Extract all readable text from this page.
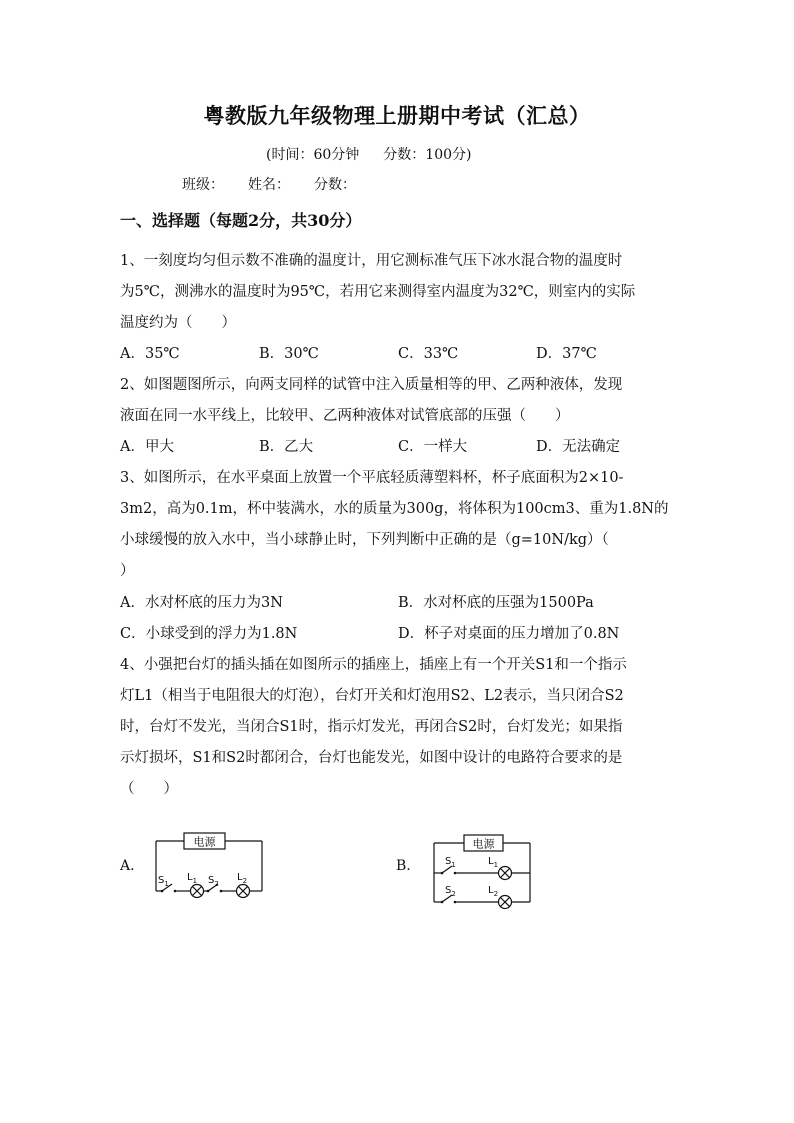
粤教版九年级物理上册期中考试（汇总）
(时间：60分钟 分数：100分)
班级： 姓名： 分数：
一、选择题（每题2分，共30分）
1、一刻度均匀但示数不准确的温度计，用它测标准气压下冰水混合物的温度时
为5℃，测沸水的温度时为95℃，若用它来测得室内温度为32℃，则室内的实际
温度约为（　　）
A．35℃	B．30℃	C．33℃	D．37℃
2、如图题图所示，向两支同样的试管中注入质量相等的甲、乙两种液体，发现
液面在同一水平线上，比较甲、乙两种液体对试管底部的压强（　　）
A．甲大	B．乙大	C．一样大	D．无法确定
3、如图所示，在水平桌面上放置一个平底轻质薄塑料杯，杯子底面积为2×10-
3m2，高为0.1m，杯中装满水，水的质量为300g，将体积为100cm3、重为1.8N的
小球缓慢的放入水中，当小球静止时，下列判断中正确的是（g=10N/kg）（
）
A．水对杯底的压力为3N	B．水对杯底的压强为1500Pa
C．小球受到的浮力为1.8N	D．杯子对桌面的压力增加了0.8N
4、小强把台灯的插头插在如图所示的插座上，插座上有一个开关S1和一个指示
灯L1（相当于电阻很大的灯泡），台灯开关和灯泡用S2、L2表示，当只闭合S2
时，台灯不发光，当闭合S1时，指示灯发光，再闭合S2时，台灯发光；如果指
示灯损坏，S1和S2时都闭合，台灯也能发光，如图中设计的电路符合要求的是
（　　）
A.
电源
$S_1$
$L_1$ $S_2$
$L_2$
B.
电源
$S_1$	$L_1$
$S_2$	$L_2$
